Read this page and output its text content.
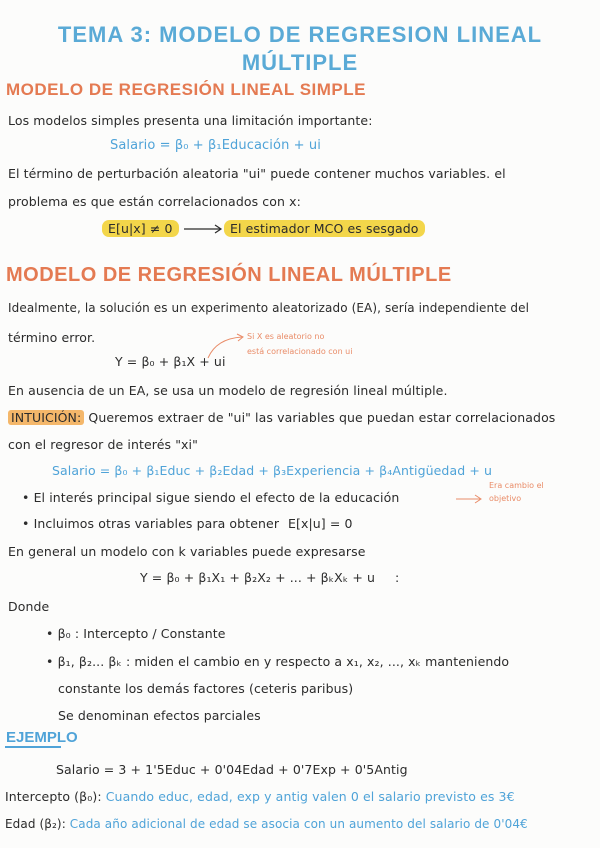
TEMA 3: MODELO DE REGRESION LINEAL
MÚLTIPLE
MODELO DE REGRESIÓN LINEAL SIMPLE
Los modelos simples presenta una limitación importante:
Salario = β₀ + β₁Educación + ui
El término de perturbación aleatoria "ui" puede contener muchos variables. el
problema es que están correlacionados con x:
E[u|x] ≠ 0	El estimador MCO es sesgado
MODELO DE REGRESIÓN LINEAL MÚLTIPLE
Idealmente, la solución es un experimento aleatorizado (EA), sería independiente del
término error.
Y = β₀ + β₁X + ui
Si X es aleatorio no
está correlacionado con ui
En ausencia de un EA, se usa un modelo de regresión lineal múltiple.
INTUICIÓN: Queremos extraer de "ui" las variables que puedan estar correlacionados
con el regresor de interés "xi"
Salario = β₀ + β₁Educ + β₂Edad + β₃Experiencia + β₄Antigüedad + u
• El interés principal sigue siendo el efecto de la educación
Era cambio el
objetivo
• Incluimos otras variables para obtener E[x|u] = 0
En general un modelo con k variables puede expresarse
Y = β₀ + β₁X₁ + β₂X₂ + ... + βₖXₖ + u :
Donde
• β₀ : Intercepto / Constante
• β₁, β₂... βₖ : miden el cambio en y respecto a x₁, x₂, ..., xₖ manteniendo
constante los demás factores (ceteris paribus)
Se denominan efectos parciales
EJEMPLO
Salario = 3 + 1'5Educ + 0'04Edad + 0'7Exp + 0'5Antig
Intercepto (β₀): Cuando educ, edad, exp y antig valen 0 el salario previsto es 3€
Edad (β₂): Cada año adicional de edad se asocia con un aumento del salario de 0'04€
